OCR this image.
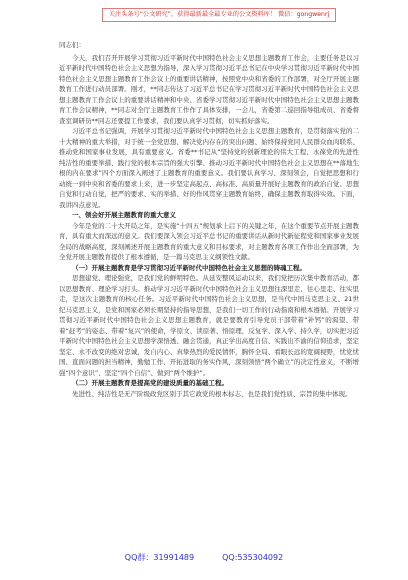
关注头条号“公文研究”，获得最新最全最专业的公文资料库！ 微信：gongwenrj

同志们：

今天，我们召开开展学习贯彻习近平新时代中国特色社会主义思想主题教育工作会，主要任务是以习近平新时代中国特色社会主义思想为指导，深入学习贯彻习近平总书记在中央学习贯彻习近平新时代中国特色社会主义思想主题教育工作会议上的重要讲话精神，按照党中央和省委的工作部署，对全厅开展主题教育工作进行动员部署。刚才，**同志传达了习近平总书记在学习贯彻习近平新时代中国特色社会主义思想主题教育工作会议上的重要讲话精神和中央、省委学习贯彻习近平新时代中国特色社会主义思想主题教育工作会议精神，**同志对全厅主题教育工作作了具体安排，一会儿，省委第二巡回指导组成员、省委督查室调研员**同志还要提工作要求，我们要认真学习贯彻，切实抓好落实。

习近平总书记强调，开展学习贯彻习近平新时代中国特色社会主义思想主题教育，是贯彻落实党的二十大精神的重大举措，对于统一全党思想、解决党内存在的突出问题、始终保持党同人民群众血肉联系、推动党和国家事业发展，具有重要意义。省委**书记从“坚持党的创新理论的伟大工程、永葆党的先进性纯洁性的重要举措、践行党的根本宗旨的强大引擎、推动习近平新时代中国特色社会主义思想在**落地生根的内在要求”四个方面深入阐述了主题教育的重要意义。我们要认真学习、深刻领会，自觉把思想和行动统一到中央和省委的要求上来，进一步坚定高起点、高标准、高质量开展好主题教育的政治自觉、思想自觉和行动自觉，把严的要求、实的举措、好的作风贯穿主题教育始终，确保主题教育取得实效。下面，我讲四点意见。

一、领会好开展主题教育的重大意义

今年是党的二十大开局之年，是实施“十四五”规划承上启下的关键之年，在这个重要节点开展主题教育，具有重大而深远的意义。我们要深入领会习近平总书记的重要讲话从新时代新征程党和国家事业发展全局的战略高度，深刻阐述开展主题教育的重大意义和目标要求，对主题教育各项工作作出全面部署，为全党开展主题教育提供了根本遵循，是一篇马克思主义纲领性文献。

（一）开展主题教育是学习贯彻习近平新时代中国特色社会主义思想的铸魂工程。

思想建党、理论强党，是我们党的鲜明特色。从延安整风运动以来，我们党把历次集中教育活动，都以思想教育、理论学习打头。推动学习习近平新时代中国特色社会主义思想往深里走、往心里走、往实里走，是这次主题教育的核心任务。习近平新时代中国特色社会主义思想，是当代中国马克思主义、21世纪马克思主义，是党和国家必须长期坚持的指导思想，是我们一切工作的行动指南和根本遵循。开展学习贯彻习近平新时代中国特色社会主义思想主题教育，就是要教育引导党员干部带着“补钙”的渴望、带着“赶考”的姿态、带着“复兴”的使命，学原文、读原著、悟原理，反复学、深入学、持久学，切实把习近平新时代中国特色社会主义思想学深悟透、融会贯通，真正学出高度自信、实践出不渝的信仰追求，坚定坚定、永不改变的绝对忠诚，发自内心、真挚热烈的爱民情怀，胸怀全局、看眼长远的宽阔视野，忧党忧国、直面问题的担当精神，勤勉工作、开拓进取的务实作风，深刻领悟“两个确立”的决定性意义，不断增强“四个意识”、坚定“四个自信”、做到“两个维护”。

（二）开展主题教育是提高党的建设质量的基础工程。

先进性、纯洁性是无产阶级政党区别于其它政党的根本标志，也是我们党性质、宗旨的集中体现。

QQ群：31991489	QQ:535304092
